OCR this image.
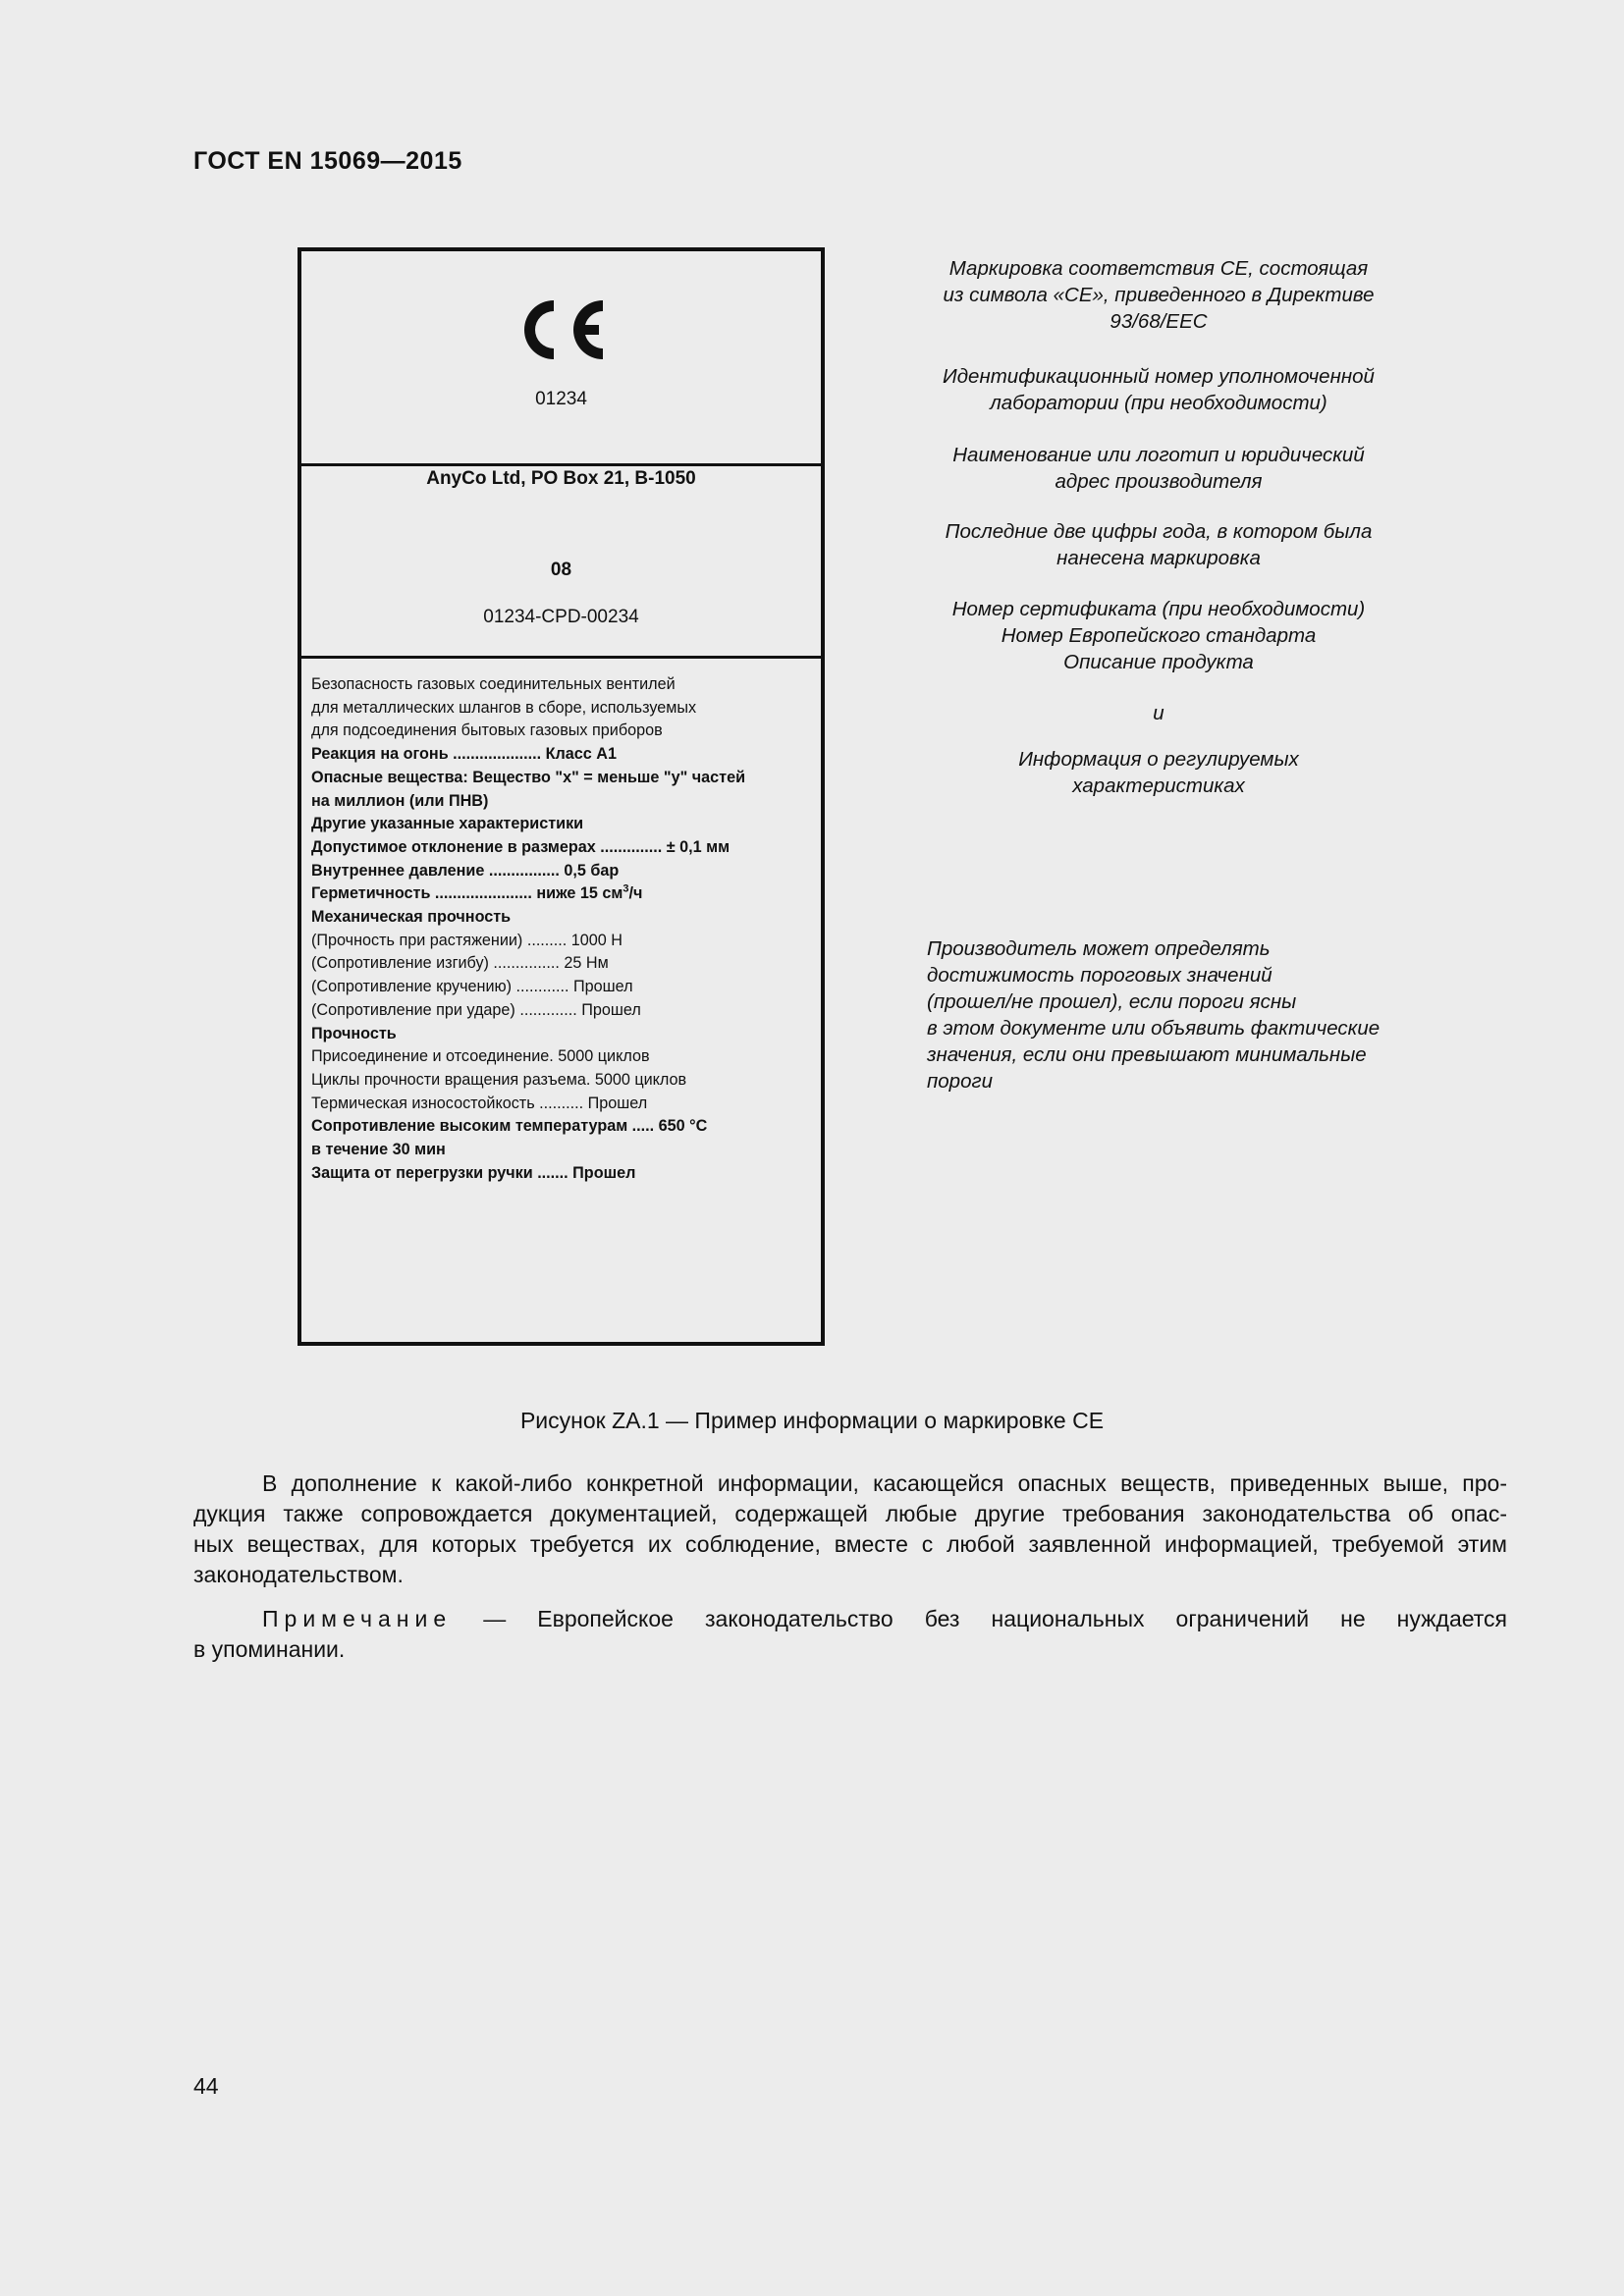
ГОСТ EN 15069—2015
01234
AnyCo Ltd, PO Box 21, B-1050
08
01234-CPD-00234
Безопасность газовых соединительных вентилей
для металлических шлангов в сборе, используемых
для подсоединения бытовых газовых приборов
Реакция на огонь .................... Класс А1
Опасные вещества: Вещество "х" = меньше "у" частей
на миллион (или ПНВ)
Другие указанные характеристики
Допустимое отклонение в размерах .............. ± 0,1 мм
Внутреннее давление ................ 0,5 бар
Герметичность ...................... ниже 15 $см^3/ч$
Механическая прочность
(Прочность при растяжении) ......... 1000 Н
(Сопротивление изгибу) ............... 25 Нм
(Сопротивление кручению) ............ Прошел
(Сопротивление при ударе) ............. Прошел
Прочность
Присоединение и отсоединение. 5000 циклов
Циклы прочности вращения разъема. 5000 циклов
Термическая износостойкость .......... Прошел
Сопротивление высоким температурам ..... 650 °С
в течение 30 мин
Защита от перегрузки ручки ....... Прошел
Маркировка соответствия СЕ, состоящая
из символа «СЕ», приведенного в Директиве
93/68/ЕЕС
Идентификационный номер уполномоченной
лаборатории (при необходимости)
Наименование или логотип и юридический
адрес производителя
Последние две цифры года, в котором была
нанесена маркировка
Номер сертификата (при необходимости)
Номер Европейского стандарта
Описание продукта
и
Информация о регулируемых
характеристиках
Производитель может определять
достижимость пороговых значений
(прошел/не прошел), если пороги ясны
в этом документе или объявить фактические
значения, если они превышают минимальные
пороги
Рисунок ZA.1 — Пример информации о маркировке СЕ
В дополнение к какой-либо конкретной информации, касающейся опасных веществ, приведенных выше, про-
дукция также сопровождается документацией, содержащей любые другие требования законодательства об опас-
ных веществах, для которых требуется их соблюдение, вместе с любой заявленной информацией, требуемой этим
законодательством.
Примечание — Европейское законодательство без национальных ограничений не нуждается
в упоминании.
44
